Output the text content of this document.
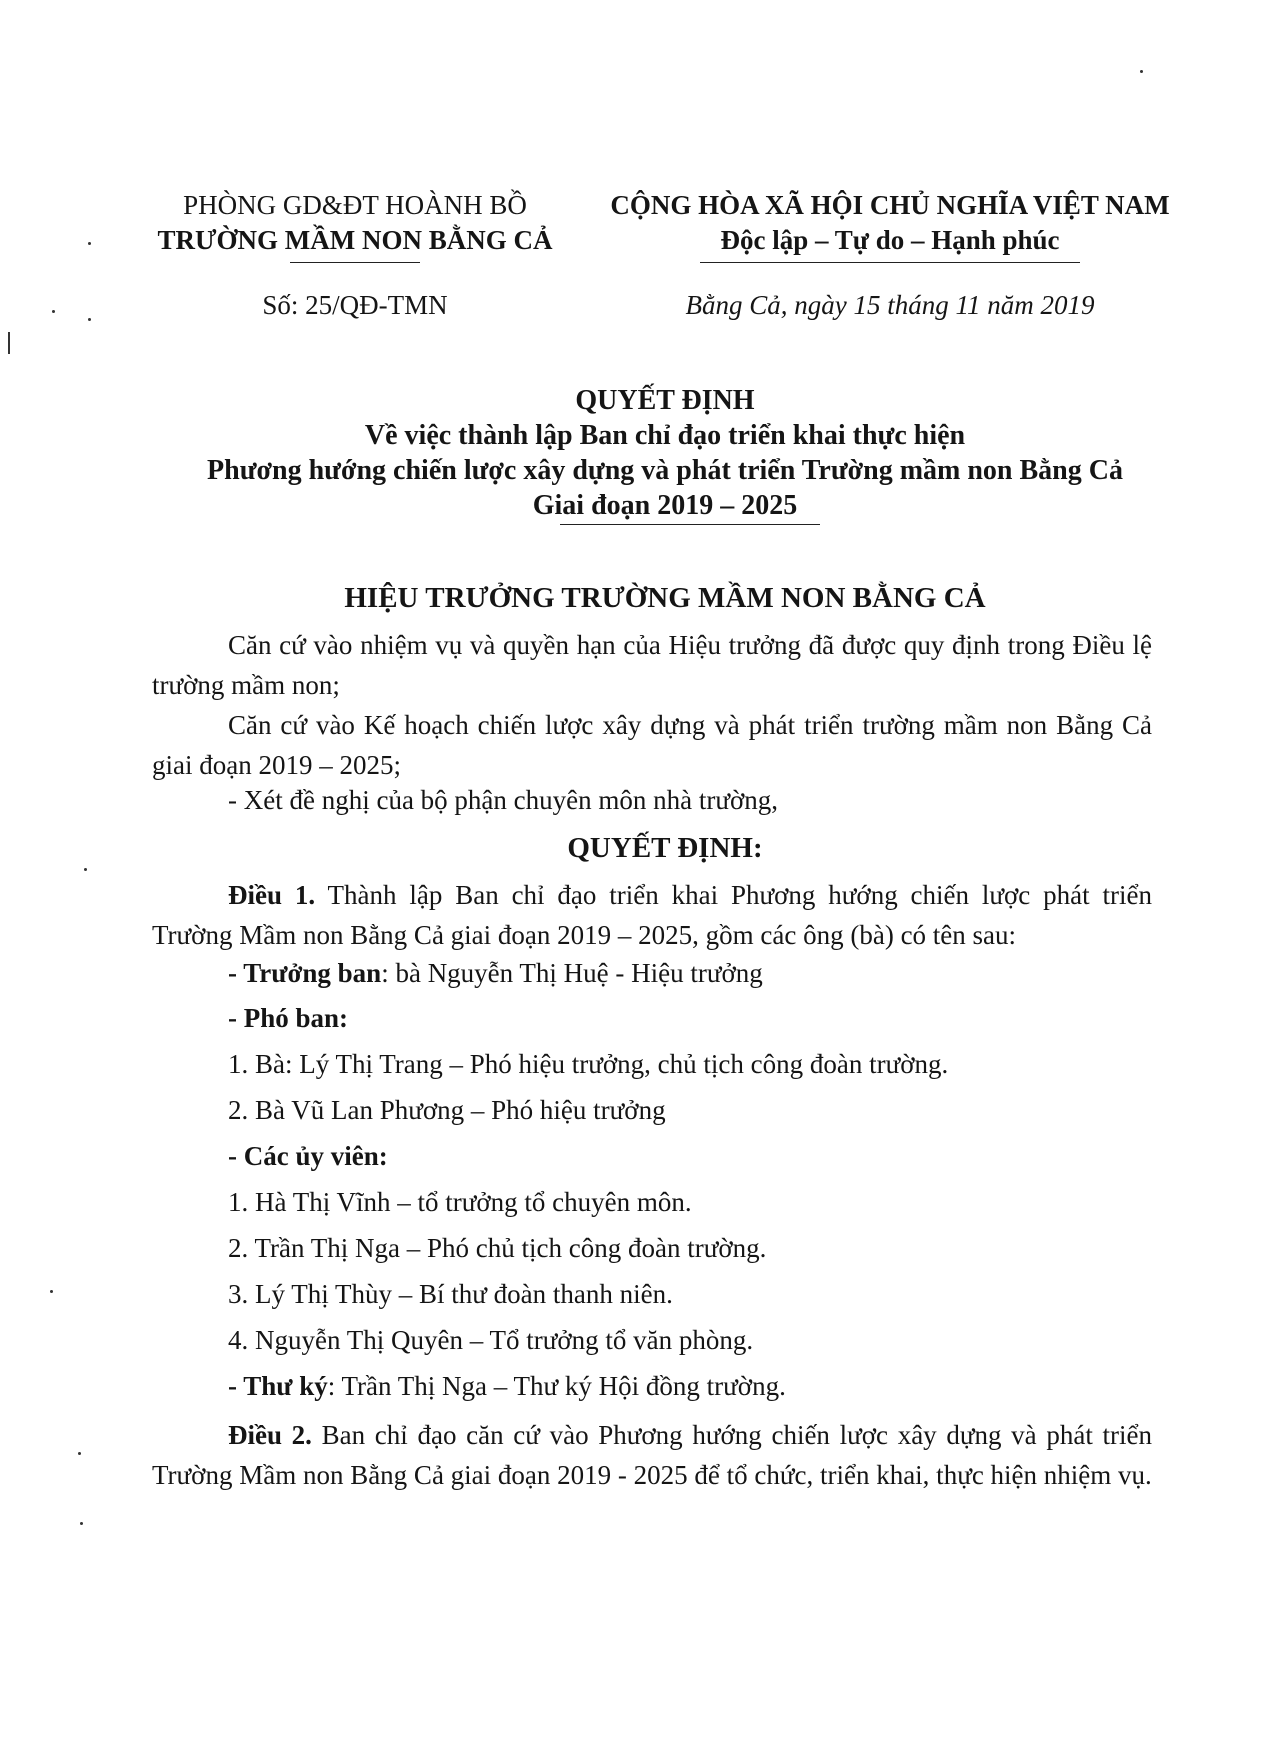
PHÒNG GD&ĐT HOÀNH BỒ
TRƯỜNG MẦM NON BẰNG CẢ
Số: 25/QĐ-TMN
CỘNG HÒA XÃ HỘI CHỦ NGHĨA VIỆT NAM
Độc lập – Tự do – Hạnh phúc
Bằng Cả, ngày 15 tháng 11 năm 2019
QUYẾT ĐỊNH
Về việc thành lập Ban chỉ đạo triển khai thực hiện
Phương hướng chiến lược xây dựng và phát triển Trường mầm non Bằng Cả
Giai đoạn 2019 – 2025
HIỆU TRƯỞNG TRƯỜNG MẦM NON BẰNG CẢ
Căn cứ vào nhiệm vụ và quyền hạn của Hiệu trưởng đã được quy định trong Điều lệ trường mầm non;
Căn cứ vào Kế hoạch chiến lược xây dựng và phát triển trường mầm non Bằng Cả giai đoạn 2019 – 2025;
- Xét đề nghị của bộ phận chuyên môn nhà trường,
QUYẾT ĐỊNH:
Điều 1. Thành lập Ban chỉ đạo triển khai Phương hướng chiến lược phát triển Trường Mầm non Bằng Cả giai đoạn 2019 – 2025, gồm các ông (bà) có tên sau:
- Trưởng ban: bà Nguyễn Thị Huệ - Hiệu trưởng
- Phó ban:
1. Bà: Lý Thị Trang – Phó hiệu trưởng, chủ tịch công đoàn trường.
2. Bà Vũ Lan Phương – Phó hiệu trưởng
- Các ủy viên:
1. Hà Thị Vĩnh – tổ trưởng tổ chuyên môn.
2. Trần Thị Nga – Phó chủ tịch công đoàn trường.
3. Lý Thị Thùy – Bí thư đoàn thanh niên.
4. Nguyễn Thị Quyên – Tổ trưởng tổ văn phòng.
- Thư ký: Trần Thị Nga – Thư ký Hội đồng trường.
Điều 2. Ban chỉ đạo căn cứ vào Phương hướng chiến lược xây dựng và phát triển Trường Mầm non Bằng Cả giai đoạn 2019 - 2025 để tổ chức, triển khai, thực hiện nhiệm vụ.
